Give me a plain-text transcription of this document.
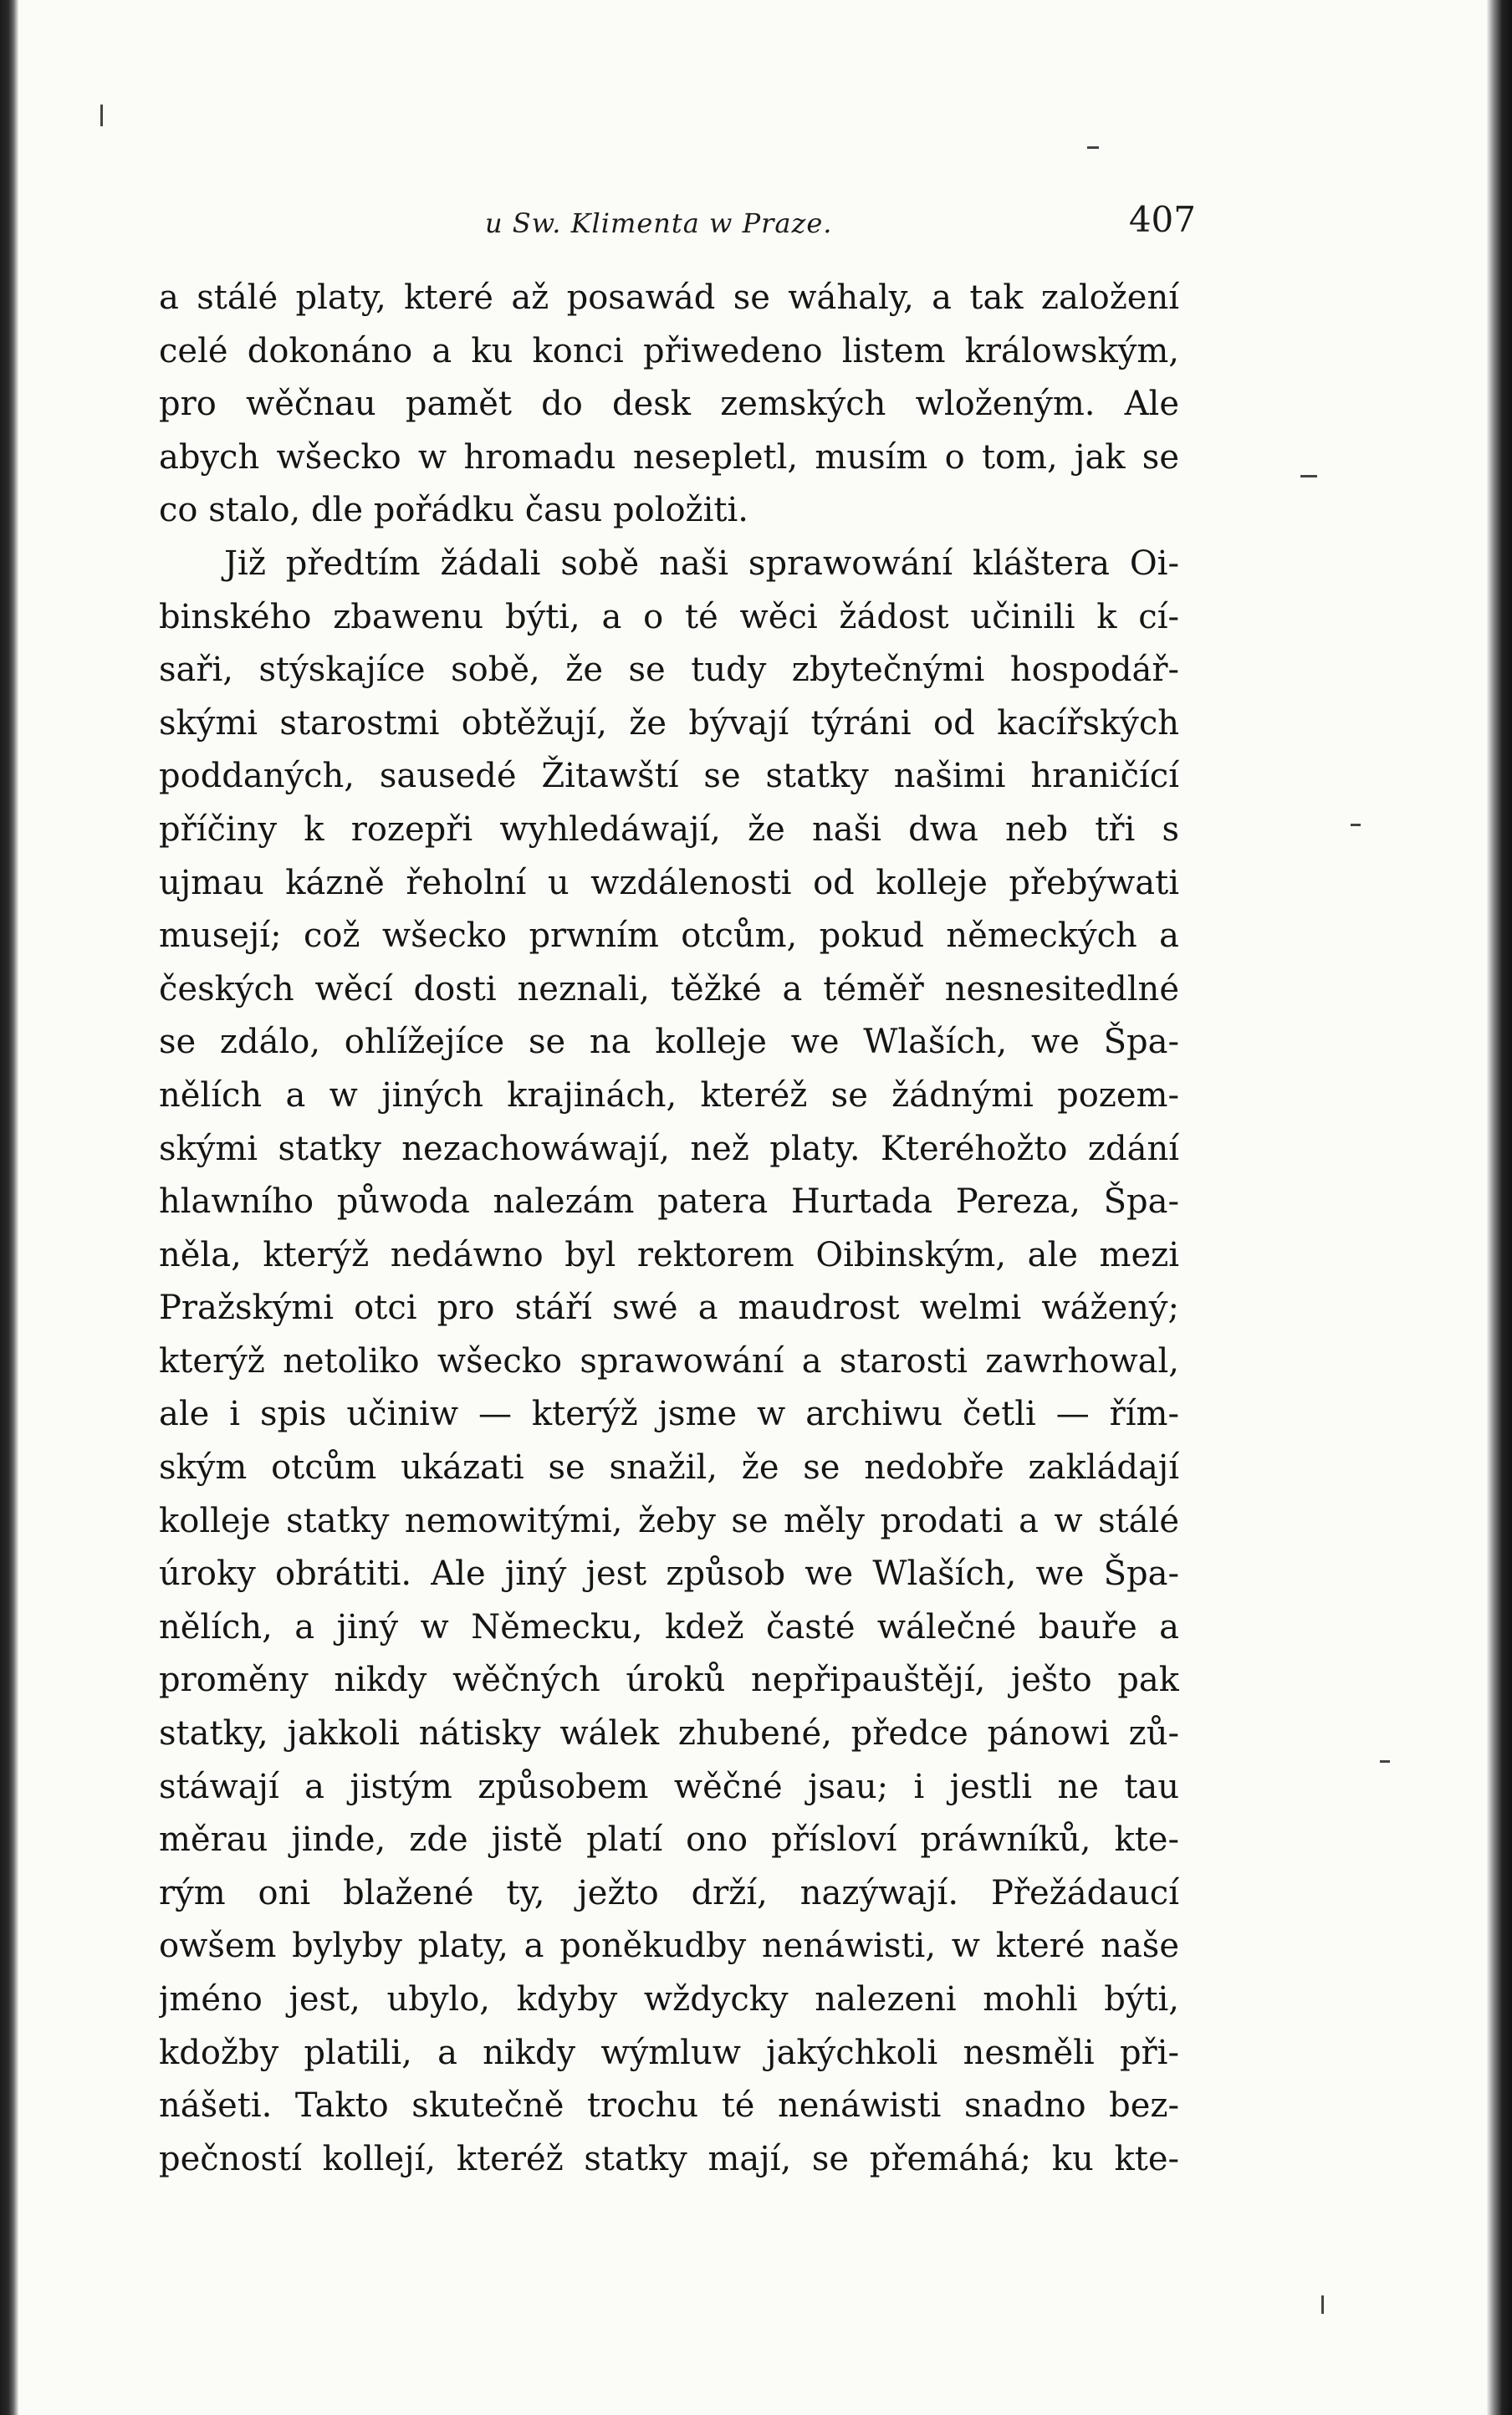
u Sw. Klimenta w Praze.	407
a stálé platy, které až posawád se wáhaly, a tak založení
celé dokonáno a ku konci přiwedeno listem králowským,
pro wěčnau pamět do desk zemských wloženým. Ale
abych wšecko w hromadu nesepletl, musím o tom, jak se
co stalo, dle pořádku času položiti.
Již předtím žádali sobě naši sprawowání kláštera Oi-
binského zbawenu býti, a o té wěci žádost učinili k cí-
saři, stýskajíce sobě, že se tudy zbytečnými hospodář-
skými starostmi obtěžují, že bývají týráni od kacířských
poddaných, sausedé Žitawští se statky našimi hraničící
příčiny k rozepři wyhledáwají, že naši dwa neb tři s
ujmau kázně řeholní u wzdálenosti od kolleje přebýwati
musejí; což wšecko prwním otcům, pokud německých a
českých wěcí dosti neznali, těžké a téměř nesnesitedlné
se zdálo, ohlížejíce se na kolleje we Wlaších, we Špa-
nělích a w jiných krajinách, kteréž se žádnými pozem-
skými statky nezachowáwají, než platy. Kteréhožto zdání
hlawního půwoda nalezám patera Hurtada Pereza, Špa-
něla, kterýž nedáwno byl rektorem Oibinským, ale mezi
Pražskými otci pro stáří swé a maudrost welmi wážený;
kterýž netoliko wšecko sprawowání a starosti zawrhowal,
ale i spis učiniw — kterýž jsme w archiwu četli — řím-
ským otcům ukázati se snažil, že se nedobře zakládají
kolleje statky nemowitými, žeby se měly prodati a w stálé
úroky obrátiti. Ale jiný jest způsob we Wlaších, we Špa-
nělích, a jiný w Německu, kdež časté wálečné bauře a
proměny nikdy wěčných úroků nepřipauštějí, ješto pak
statky, jakkoli nátisky wálek zhubené, předce pánowi zů-
stáwají a jistým způsobem wěčné jsau; i jestli ne tau
měrau jinde, zde jistě platí ono přísloví práwníků, kte-
rým oni blažené ty, ježto drží, nazýwají. Přežádaucí
owšem bylyby platy, a poněkudby nenáwisti, w které naše
jméno jest, ubylo, kdyby wždycky nalezeni mohli býti,
kdožby platili, a nikdy wýmluw jakýchkoli nesměli při-
nášeti. Takto skutečně trochu té nenáwisti snadno bez-
pečností kollejí, kteréž statky mají, se přemáhá; ku kte-
